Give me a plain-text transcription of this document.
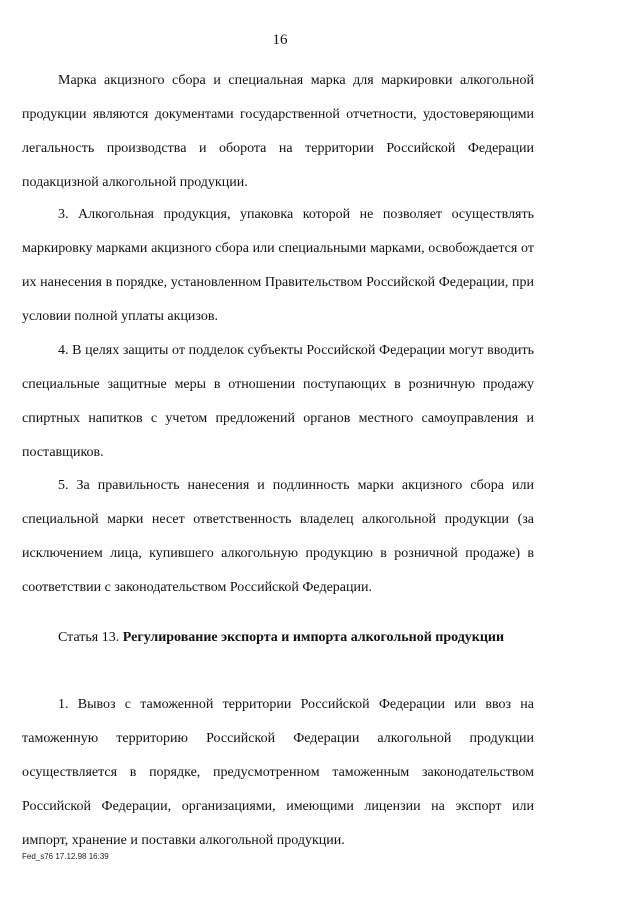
16

Марка акцизного сбора и специальная марка для маркировки алкогольной продукции являются документами государственной отчетности, удостоверяющими легальность производства и оборота на территории Российской Федерации подакцизной алкогольной продукции.

3. Алкогольная продукция, упаковка которой не позволяет осуществлять маркировку марками акцизного сбора или специальными марками, освобождается от их нанесения в порядке, установленном Правительством Российской Федерации, при условии полной уплаты акцизов.

4. В целях защиты от подделок субъекты Российской Федерации могут вводить специальные защитные меры в отношении поступающих в розничную продажу спиртных напитков с учетом предложений органов местного самоуправления и поставщиков.

5. За правильность нанесения и подлинность марки акцизного сбора или специальной марки несет ответственность владелец алкогольной продукции (за исключением лица, купившего алкогольную продукцию в розничной продаже) в соответствии с законодательством Российской Федерации.

Статья 13. Регулирование экспорта и импорта алкогольной продукции

1. Вывоз с таможенной территории Российской Федерации или ввоз на таможенную территорию Российской Федерации алкогольной продукции осуществляется в порядке, предусмотренном таможенным законодательством Российской Федерации, организациями, имеющими лицензии на экспорт или импорт, хранение и поставки алкогольной продукции.

Fed_s76 17.12.98 16:39
